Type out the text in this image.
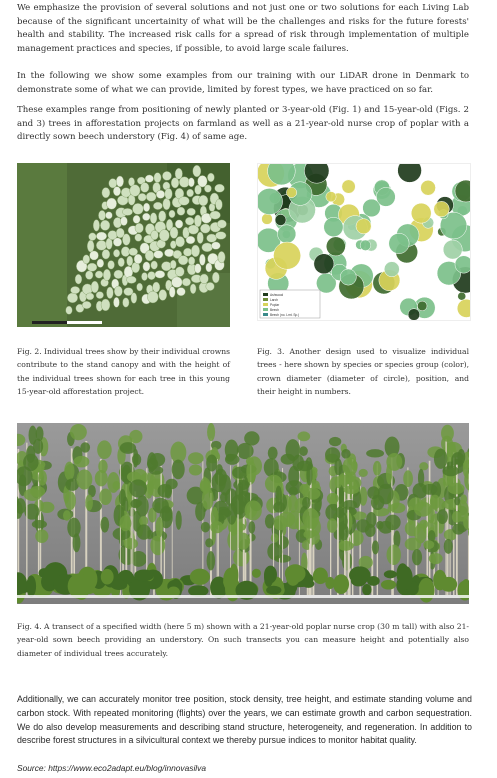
We emphasize the provision of several solutions and not just one or two solutions for each Living Lab because of the significant uncertainity of what will be the challenges and risks for the future forests' health and stability. The increased risk calls for a spread of risk through implementation of multiple management practices and species, if possible, to avoid large scale failures.

In the following we show some examples from our training with our LiDAR drone in Denmark to demonstrate some of what we can provide, limited by forest types, we have practiced on so far.

These examples range from positioning of newly planted or 3-year-old (Fig. 1) and 15-year-old (Figs. 2 and 3) trees in afforestation projects on farmland as well as a 21-year-old nurse crop of poplar with a directly sown beech understory (Fig. 4) of same age.

Ashwood
Larch
Poplar
Beech
Beech (no. Lmt. Sp.)

Fig. 2. Individual trees show by their individual crowns contribute to the stand canopy and with the height of the individual trees shown for each tree in this young 15-year-old afforestation project.

Fig. 3. Another design used to visualize individual trees - here shown by species or species group (color), crown diameter (diameter of circle), position, and their height in numbers.

Fig. 4. A transect of a specified width (here 5 m) shown with a 21-year-old poplar nurse crop (30 m tall) with also 21-year-old sown beech providing an understory. On such transects you can measure height and potentially also diameter of individual trees accurately.

Additionally, we can accurately monitor tree position, stock density, tree height, and estimate standing volume and carbon stock. With repeated monitoring (flights) over the years, we can estimate growth and carbon sequestration. We do also develop measurements and describing stand structure, heterogeneity, and regeneration. In addition to describe forest structures in a silvicultural context we thereby pursue indices to monitor habitat quality.

Source: https://www.eco2adapt.eu/blog/innovasilva
